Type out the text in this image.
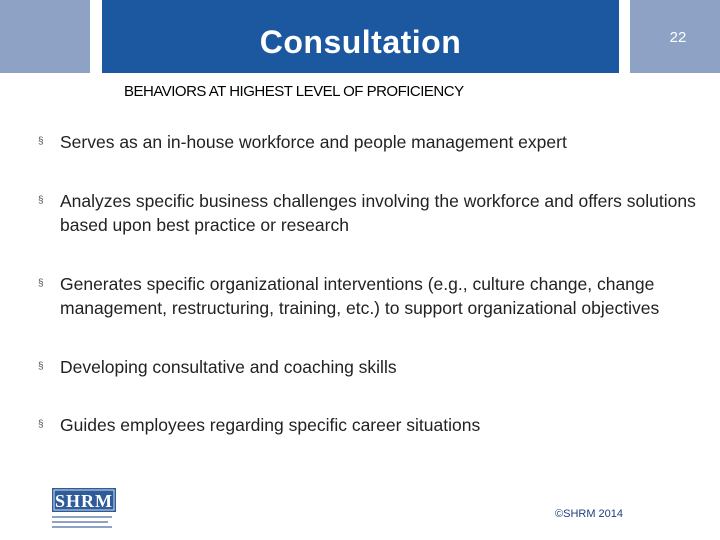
Consultation	22
BEHAVIORS AT HIGHEST LEVEL OF PROFICIENCY
§ Serves as an in-house workforce and people management expert
§ Analyzes specific business challenges involving the workforce and offers solutions based upon best practice or research
§ Generates specific organizational interventions (e.g., culture change, change management, restructuring, training, etc.) to support organizational objectives
§ Developing consultative and coaching skills
§ Guides employees regarding specific career situations
SHRM
©SHRM 2014
